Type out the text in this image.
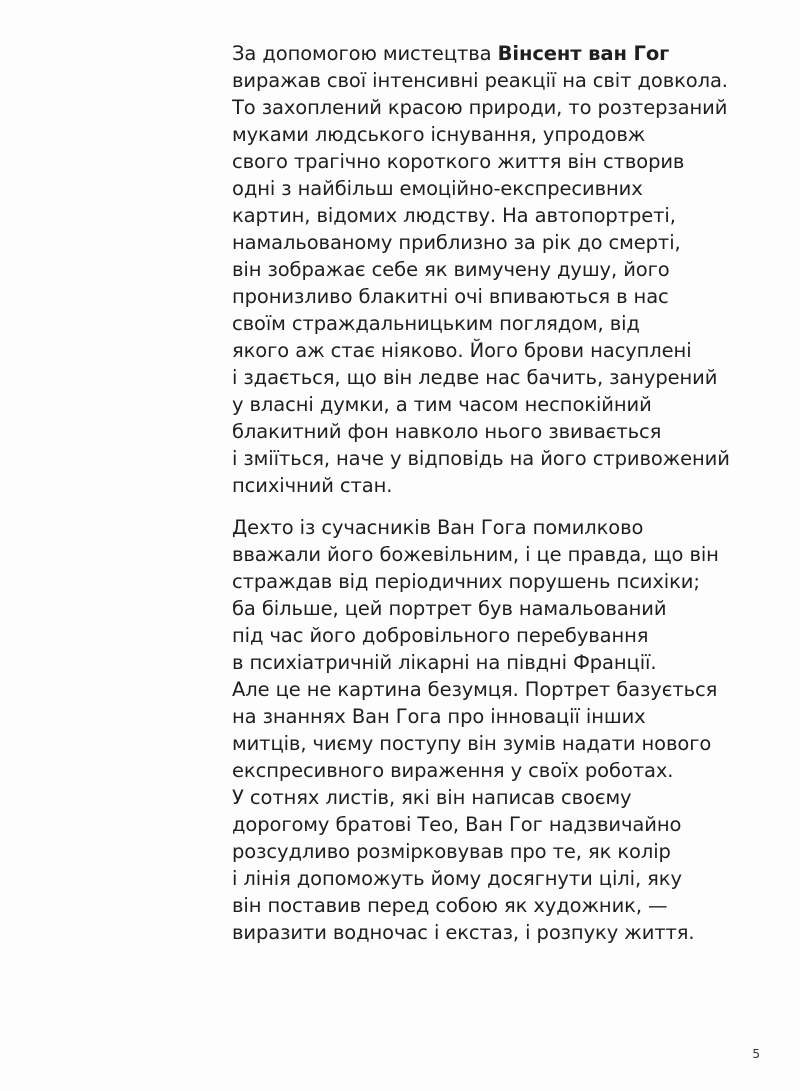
За допомогою мистецтва Вінсент ван Гог
виражав свої інтенсивні реакції на світ довкола.
То захоплений красою природи, то розтерзаний
муками людського існування, упродовж
свого трагічно короткого життя він створив
одні з найбільш емоційно-експресивних
картин, відомих людству. На автопортреті,
намальованому приблизно за рік до смерті,
він зображає себе як вимучену душу, його
пронизливо блакитні очі впиваються в нас
своїм страждальницьким поглядом, від
якого аж стає ніяково. Його брови насуплені
і здається, що він ледве нас бачить, занурений
у власні думки, а тим часом неспокійний
блакитний фон навколо нього звивається
і зміїться, наче у відповідь на його стривожений
психічний стан.
Дехто із сучасників Ван Гога помилково
вважали його божевільним, і це правда, що він
страждав від періодичних порушень психіки;
ба більше, цей портрет був намальований
під час його добровільного перебування
в психіатричній лікарні на півдні Франції.
Але це не картина безумця. Портрет базується
на знаннях Ван Гога про інновації інших
митців, чиєму поступу він зумів надати нового
експресивного вираження у своїх роботах.
У сотнях листів, які він написав своєму
дорогому братові Тео, Ван Гог надзвичайно
розсудливо розмірковував про те, як колір
і лінія допоможуть йому досягнути цілі, яку
він поставив перед собою як художник, —
виразити водночас і екстаз, і розпуку життя.
5
